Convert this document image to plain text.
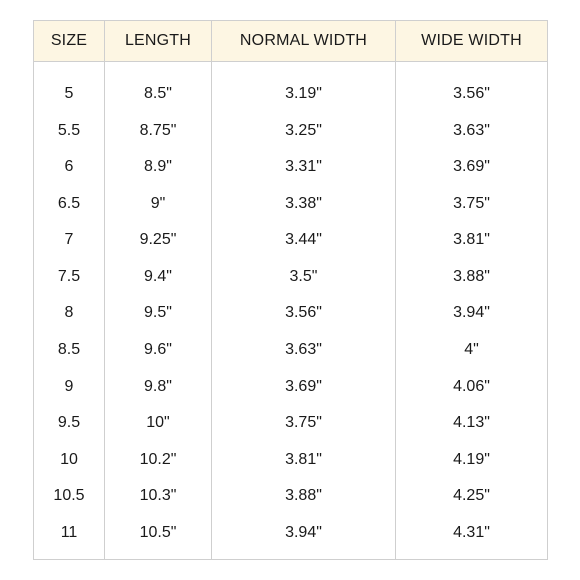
SIZE	LENGTH	NORMAL WIDTH	WIDE WIDTH

5	8.5"	3.19"	3.56"
5.5	8.75"	3.25"	3.63"
6	8.9"	3.31"	3.69"
6.5	9"	3.38"	3.75"
7	9.25"	3.44"	3.81"
7.5	9.4"	3.5"	3.88"
8	9.5"	3.56"	3.94"
8.5	9.6"	3.63"	4"
9	9.8"	3.69"	4.06"
9.5	10"	3.75"	4.13"
10	10.2"	3.81"	4.19"
10.5	10.3"	3.88"	4.25"
11	10.5"	3.94"	4.31"
